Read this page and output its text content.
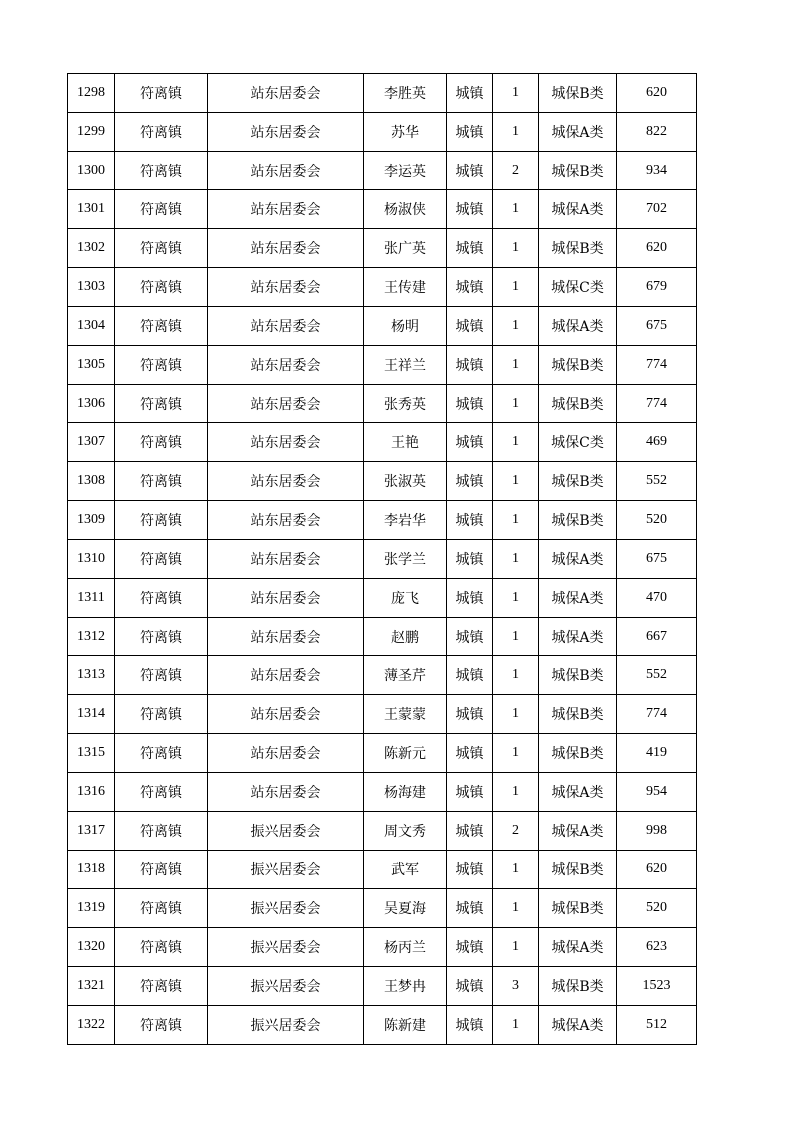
1298	符离镇	站东居委会	李胜英	城镇	1	城保B类	620
1299	符离镇	站东居委会	苏华	城镇	1	城保A类	822
1300	符离镇	站东居委会	李运英	城镇	2	城保B类	934
1301	符离镇	站东居委会	杨淑侠	城镇	1	城保A类	702
1302	符离镇	站东居委会	张广英	城镇	1	城保B类	620
1303	符离镇	站东居委会	王传建	城镇	1	城保C类	679
1304	符离镇	站东居委会	杨明	城镇	1	城保A类	675
1305	符离镇	站东居委会	王祥兰	城镇	1	城保B类	774
1306	符离镇	站东居委会	张秀英	城镇	1	城保B类	774
1307	符离镇	站东居委会	王艳	城镇	1	城保C类	469
1308	符离镇	站东居委会	张淑英	城镇	1	城保B类	552
1309	符离镇	站东居委会	李岩华	城镇	1	城保B类	520
1310	符离镇	站东居委会	张学兰	城镇	1	城保A类	675
1311	符离镇	站东居委会	庞飞	城镇	1	城保A类	470
1312	符离镇	站东居委会	赵鹏	城镇	1	城保A类	667
1313	符离镇	站东居委会	薄圣芹	城镇	1	城保B类	552
1314	符离镇	站东居委会	王蒙蒙	城镇	1	城保B类	774
1315	符离镇	站东居委会	陈新元	城镇	1	城保B类	419
1316	符离镇	站东居委会	杨海建	城镇	1	城保A类	954
1317	符离镇	振兴居委会	周文秀	城镇	2	城保A类	998
1318	符离镇	振兴居委会	武军	城镇	1	城保B类	620
1319	符离镇	振兴居委会	吴夏海	城镇	1	城保B类	520
1320	符离镇	振兴居委会	杨丙兰	城镇	1	城保A类	623
1321	符离镇	振兴居委会	王梦冉	城镇	3	城保B类	1523
1322	符离镇	振兴居委会	陈新建	城镇	1	城保A类	512
